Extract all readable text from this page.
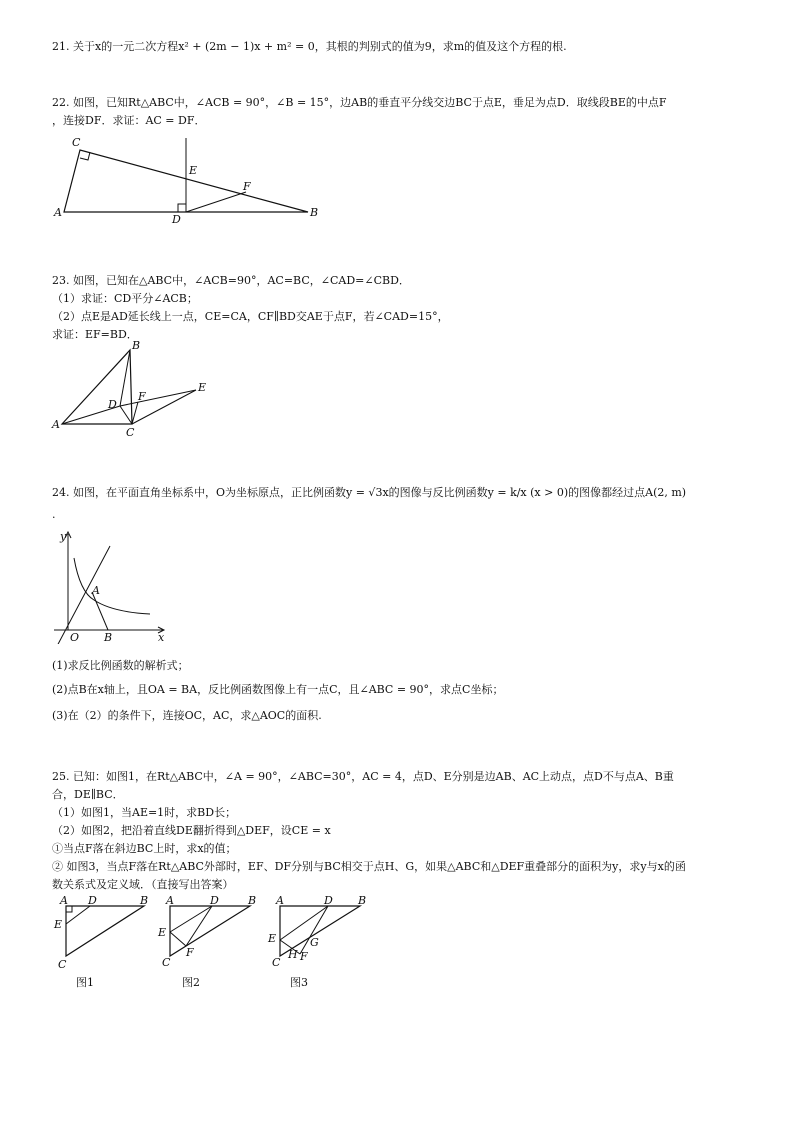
21. 关于x的一元二次方程x² + (2m − 1)x + m² = 0，其根的判别式的值为9，求m的值及这个方程的根.
22. 如图，已知Rt△ABC中，∠ACB = 90°，∠B = 15°，边AB的垂直平分线交边BC于点E，垂足为点D．取线段BE的中点F
，连接DF．求证：AC = DF．
C
E
F
A
D
B
23. 如图，已知在△ABC中，∠ACB=90°，AC=BC，∠CAD=∠CBD．
（1）求证：CD平分∠ACB；
（2）点E是AD延长线上一点，CE=CA，CF∥BD交AE于点F，若∠CAD=15°，
求证：EF=BD．
B
D
F
E
A
C
24. 如图，在平面直角坐标系中，O为坐标原点，正比例函数y = √3x的图像与反比例函数y = k/x (x > 0)的图像都经过点A(2, m)
.
y
A
O B	x
(1)求反比例函数的解析式；
(2)点B在x轴上，且OA = BA，反比例函数图像上有一点C，且∠ABC = 90°，求点C坐标；
(3)在（2）的条件下，连接OC，AC，求△AOC的面积.
25. 已知：如图1，在Rt△ABC中，∠A = 90°，∠ABC=30°，AC = 4，点D、E分别是边AB、AC上动点，点D不与点A、B重
合，DE∥BC．
（1）如图1，当AE=1时，求BD长；
（2）如图2，把沿着直线DE翻折得到△DEF，设CE = x
①当点F落在斜边BC上时，求x的值；
② 如图3，当点F落在Rt△ABC外部时，EF、DF分别与BC相交于点H、G，如果△ABC和△DEF重叠部分的面积为y，求y与x的函
数关系式及定义域．（直接写出答案）
A D	B
E
C
图1
A	D	B
E
F
C
图2
A	D B
E	G
H F
C
图3
